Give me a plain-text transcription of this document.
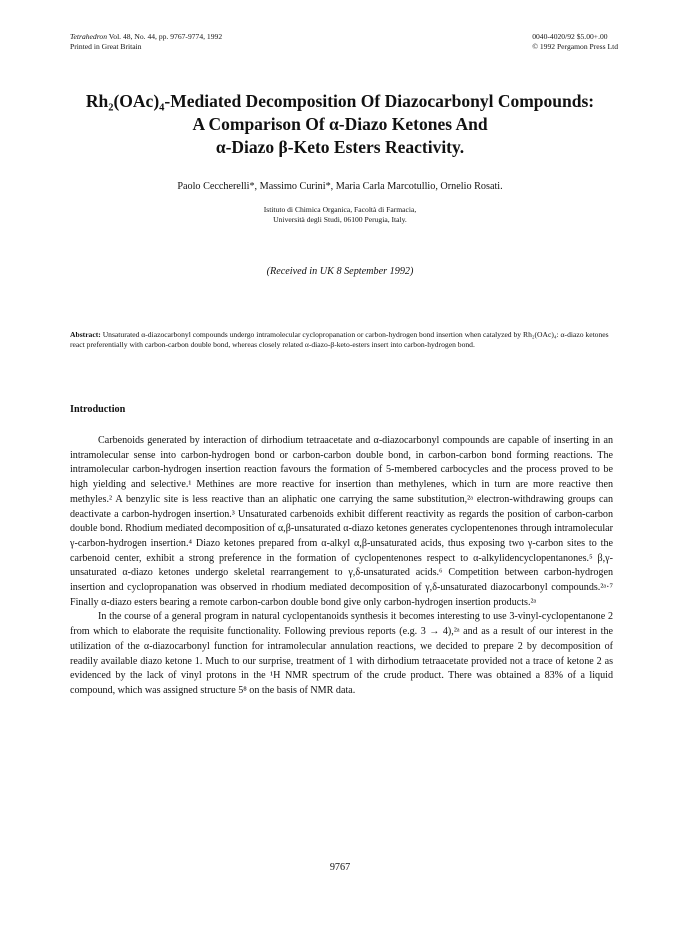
Tetrahedron Vol. 48, No. 44, pp. 9767-9774, 1992
Printed in Great Britain
0040-4020/92 $5.00+.00
© 1992 Pergamon Press Ltd
Rh₂(OAc)₄-Mediated Decomposition Of Diazocarbonyl Compounds:
A Comparison Of α-Diazo Ketones And
α-Diazo β-Keto Esters Reactivity.
Paolo Ceccherelli*, Massimo Curini*, Maria Carla Marcotullio, Ornelio Rosati.
Istituto di Chimica Organica, Facoltà di Farmacia,
Università degli Studi, 06100 Perugia, Italy.
(Received in UK 8 September 1992)
Abstract: Unsaturated α-diazocarbonyl compounds undergo intramolecular cyclopropanation or carbon-hydrogen bond insertion when catalyzed by Rh₂(OAc)₄: α-diazo ketones react preferentially with carbon-carbon double bond, whereas closely related α-diazo-β-keto-esters insert into carbon-hydrogen bond.
Introduction

Carbenoids generated by interaction of dirhodium tetraacetate and α-diazocarbonyl compounds are capable of inserting in an intramolecular sense into carbon-hydrogen bond or carbon-carbon double bond, in carbon-carbon bond forming reactions. The intramolecular carbon-hydrogen insertion reaction favours the formation of 5-membered carbocycles and the process proved to be high yielding and selective.¹ Methines are more reactive for insertion than methylenes, which in turn are more reactive then methyles.² A benzylic site is less reactive than an aliphatic one carrying the same substitution,²ᵃ electron-withdrawing groups can deactivate a carbon-hydrogen insertion.³ Unsaturated carbenoids exhibit different reactivity as regards the position of carbon-carbon double bond. Rhodium mediated decomposition of α,β-unsaturated α-diazo ketones generates cyclopentenones through intramolecular γ-carbon-hydrogen insertion.⁴ Diazo ketones prepared from α-alkyl α,β-unsaturated acids, thus exposing two γ-carbon sites to the carbenoid center, exhibit a strong preference in the formation of cyclopentenones respect to α-alkylidencyclopentanones.⁵ β,γ-unsaturated α-diazo ketones undergo skeletal rearrangement to γ,δ-unsaturated acids.⁶ Competition between carbon-hydrogen insertion and cyclopropanation was observed in rhodium mediated decomposition of γ,δ-unsaturated diazocarbonyl compounds.²ᵃ·⁷ Finally α-diazo esters bearing a remote carbon-carbon double bond give only carbon-hydrogen insertion products.²ᵃ

In the course of a general program in natural cyclopentanoids synthesis it becomes interesting to use 3-vinyl-cyclopentanone 2 from which to elaborate the requisite functionality. Following previous reports (e.g. 3 → 4),²ᵃ and as a result of our interest in the utilization of the α-diazocarbonyl function for intramolecular annulation reactions, we decided to prepare 2 by decomposition of readily available diazo ketone 1. Much to our surprise, treatment of 1 with dirhodium tetraacetate provided not a trace of ketone 2 as evidenced by the lack of vinyl protons in the ¹H NMR spectrum of the crude product. There was obtained a 83% of a liquid compound, which was assigned structure 5⁸ on the basis of NMR data.

9767
